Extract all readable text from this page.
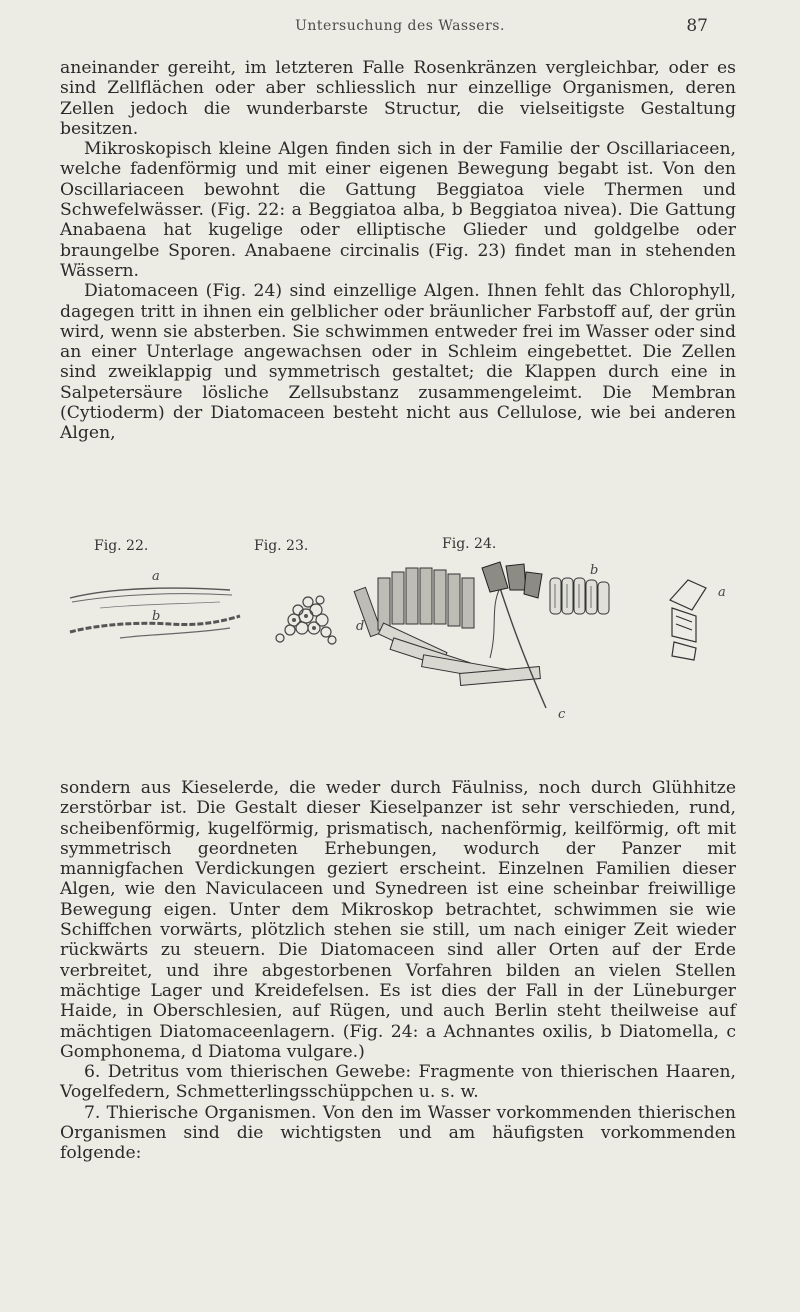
Untersuchung des Wassers.	87

aneinander gereiht, im letzteren Falle Rosenkränzen vergleichbar, oder es sind Zellflächen oder aber schliesslich nur einzellige Organismen, deren Zellen jedoch die wunderbarste Structur, die vielseitigste Gestaltung besitzen.

Mikroskopisch kleine Algen finden sich in der Familie der Oscillariaceen, welche fadenförmig und mit einer eigenen Bewegung begabt ist. Von den Oscillariaceen bewohnt die Gattung Beggiatoa viele Thermen und Schwefelwässer. (Fig. 22: a Beggiatoa alba, b Beggiatoa nivea). Die Gattung Anabaena hat kugelige oder elliptische Glieder und goldgelbe oder braungelbe Sporen. Anabaene circinalis (Fig. 23) findet man in stehenden Wässern.

Diatomaceen (Fig. 24) sind einzellige Algen. Ihnen fehlt das Chlorophyll, dagegen tritt in ihnen ein gelblicher oder bräunlicher Farbstoff auf, der grün wird, wenn sie absterben. Sie schwimmen entweder frei im Wasser oder sind an einer Unterlage angewachsen oder in Schleim eingebettet. Die Zellen sind zweiklappig und symmetrisch gestaltet; die Klappen durch eine in Salpetersäure lösliche Zellsubstanz zusammengeleimt. Die Membran (Cytioderm) der Diatomaceen besteht nicht aus Cellulose, wie bei anderen Algen,

Fig. 22.
a
b
Fig. 23.	Fig. 24.
b
d
a
c

sondern aus Kieselerde, die weder durch Fäulniss, noch durch Glühhitze zerstörbar ist. Die Gestalt dieser Kieselpanzer ist sehr verschieden, rund, scheibenförmig, kugelförmig, prismatisch, nachenförmig, keilförmig, oft mit symmetrisch geordneten Erhebungen, wodurch der Panzer mit mannigfachen Verdickungen geziert erscheint. Einzelnen Familien dieser Algen, wie den Naviculaceen und Synedreen ist eine scheinbar freiwillige Bewegung eigen. Unter dem Mikroskop betrachtet, schwimmen sie wie Schiffchen vorwärts, plötzlich stehen sie still, um nach einiger Zeit wieder rückwärts zu steuern. Die Diatomaceen sind aller Orten auf der Erde verbreitet, und ihre abgestorbenen Vorfahren bilden an vielen Stellen mächtige Lager und Kreidefelsen. Es ist dies der Fall in der Lüneburger Haide, in Oberschlesien, auf Rügen, und auch Berlin steht theilweise auf mächtigen Diatomaceenlagern. (Fig. 24: a Achnantes oxilis, b Diatomella, c Gomphonema, d Diatoma vulgare.)

6. Detritus vom thierischen Gewebe: Fragmente von thierischen Haaren, Vogelfedern, Schmetterlingsschüppchen u. s. w.

7. Thierische Organismen. Von den im Wasser vorkommenden thierischen Organismen sind die wichtigsten und am häufigsten vorkommenden folgende:
